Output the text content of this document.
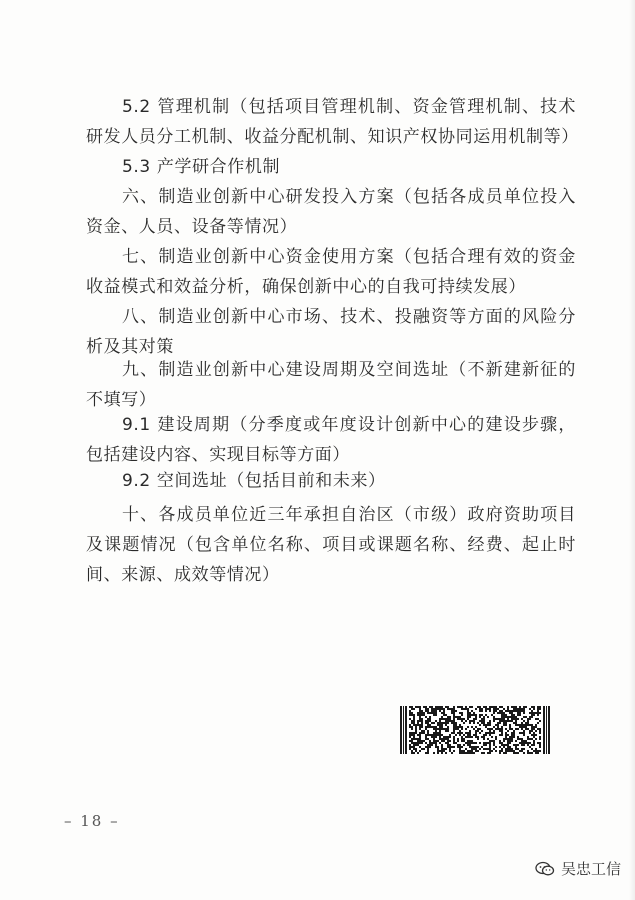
5.2 管理机制（包括项目管理机制、资金管理机制、技术研发人员分工机制、收益分配机制、知识产权协同运用机制等）

5.3 产学研合作机制

六、制造业创新中心研发投入方案（包括各成员单位投入资金、人员、设备等情况）

七、制造业创新中心资金使用方案（包括合理有效的资金收益模式和效益分析，确保创新中心的自我可持续发展）

八、制造业创新中心市场、技术、投融资等方面的风险分析及其对策

九、制造业创新中心建设周期及空间选址（不新建新征的不填写）

9.1 建设周期（分季度或年度设计创新中心的建设步骤，包括建设内容、实现目标等方面）

9.2 空间选址（包括目前和未来）

十、各成员单位近三年承担自治区（市级）政府资助项目及课题情况（包含单位名称、项目或课题名称、经费、起止时间、来源、成效等情况）

– 18 –
吴忠工信
